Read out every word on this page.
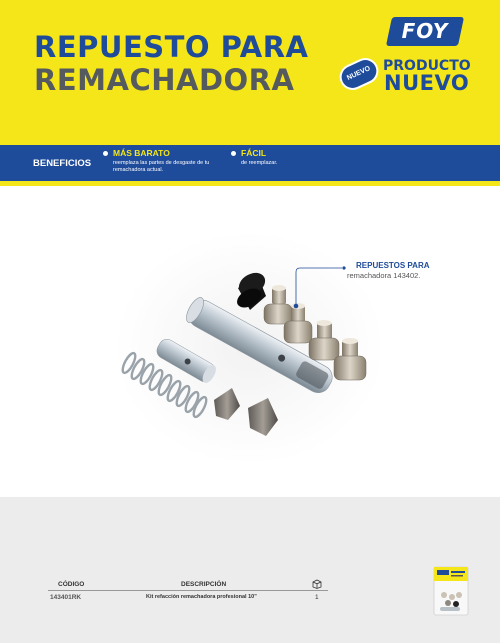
REPUESTO PARA
REMACHADORA
FOY
NUEVO PRODUCTO
NUEVO
BENEFICIOS
MÁS BARATO
reemplaza las partes de desgaste de tu remachadora actual.
FÁCIL
de reemplazar.
REPUESTOS PARA
remachadora 143402.
CÓDIGO	DESCRIPCIÓN
143401RK	Kit refacción remachadora profesional 10"	1
